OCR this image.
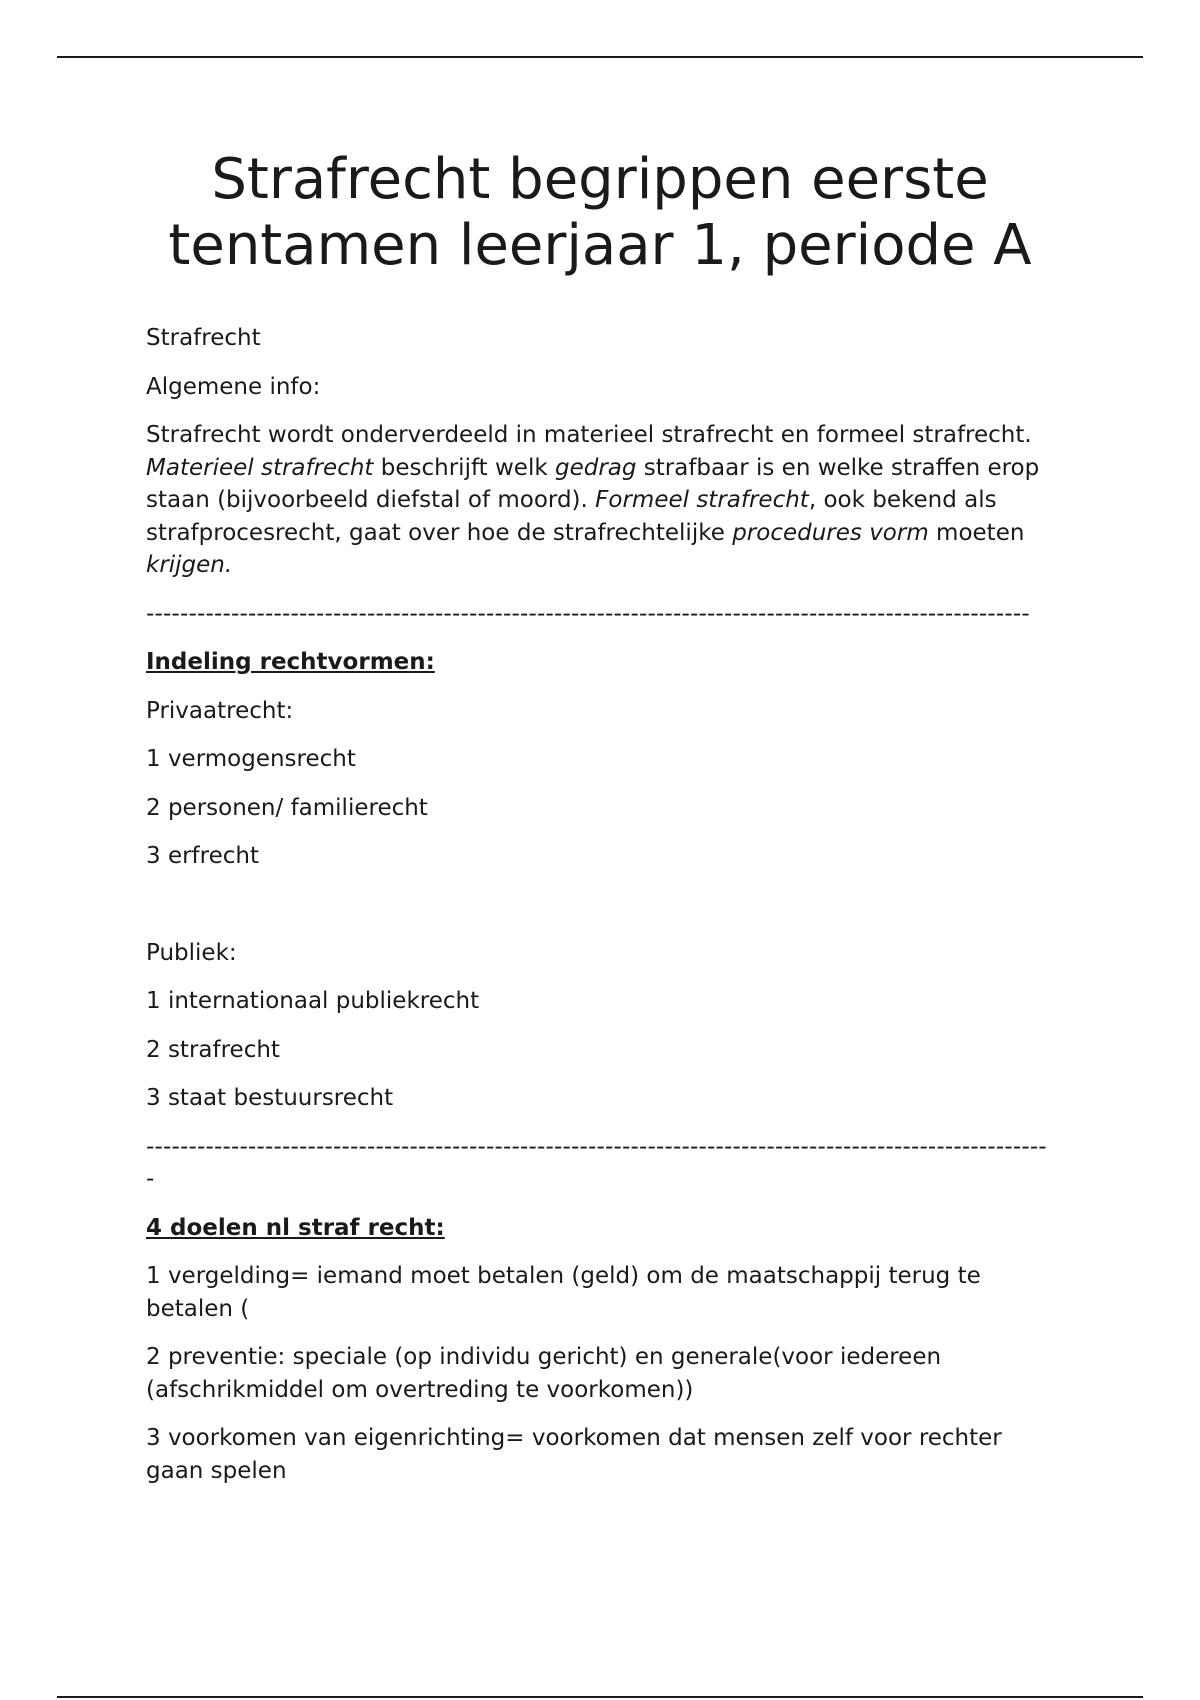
Strafrecht begrippen eerste tentamen leerjaar 1, periode A

Strafrecht

Algemene info:

Strafrecht wordt onderverdeeld in materieel strafrecht en formeel strafrecht. Materieel strafrecht beschrijft welk gedrag strafbaar is en welke straffen erop staan (bijvoorbeeld diefstal of moord). Formeel strafrecht, ook bekend als strafprocesrecht, gaat over hoe de strafrechtelijke procedures vorm moeten krijgen.

--------------------------------------------------------------------------------------------------------

Indeling rechtvormen:

Privaatrecht:

1 vermogensrecht

2 personen/ familierecht

3 erfrecht

Publiek:

1 internationaal publiekrecht

2 strafrecht

3 staat bestuursrecht

-----------------------------------------------------------------------------------------------------------

4 doelen nl straf recht:

1 vergelding= iemand moet betalen (geld) om de maatschappij terug te betalen (

2 preventie: speciale (op individu gericht) en generale(voor iedereen (afschrikmiddel om overtreding te voorkomen))

3 voorkomen van eigenrichting= voorkomen dat mensen zelf voor rechter gaan spelen
